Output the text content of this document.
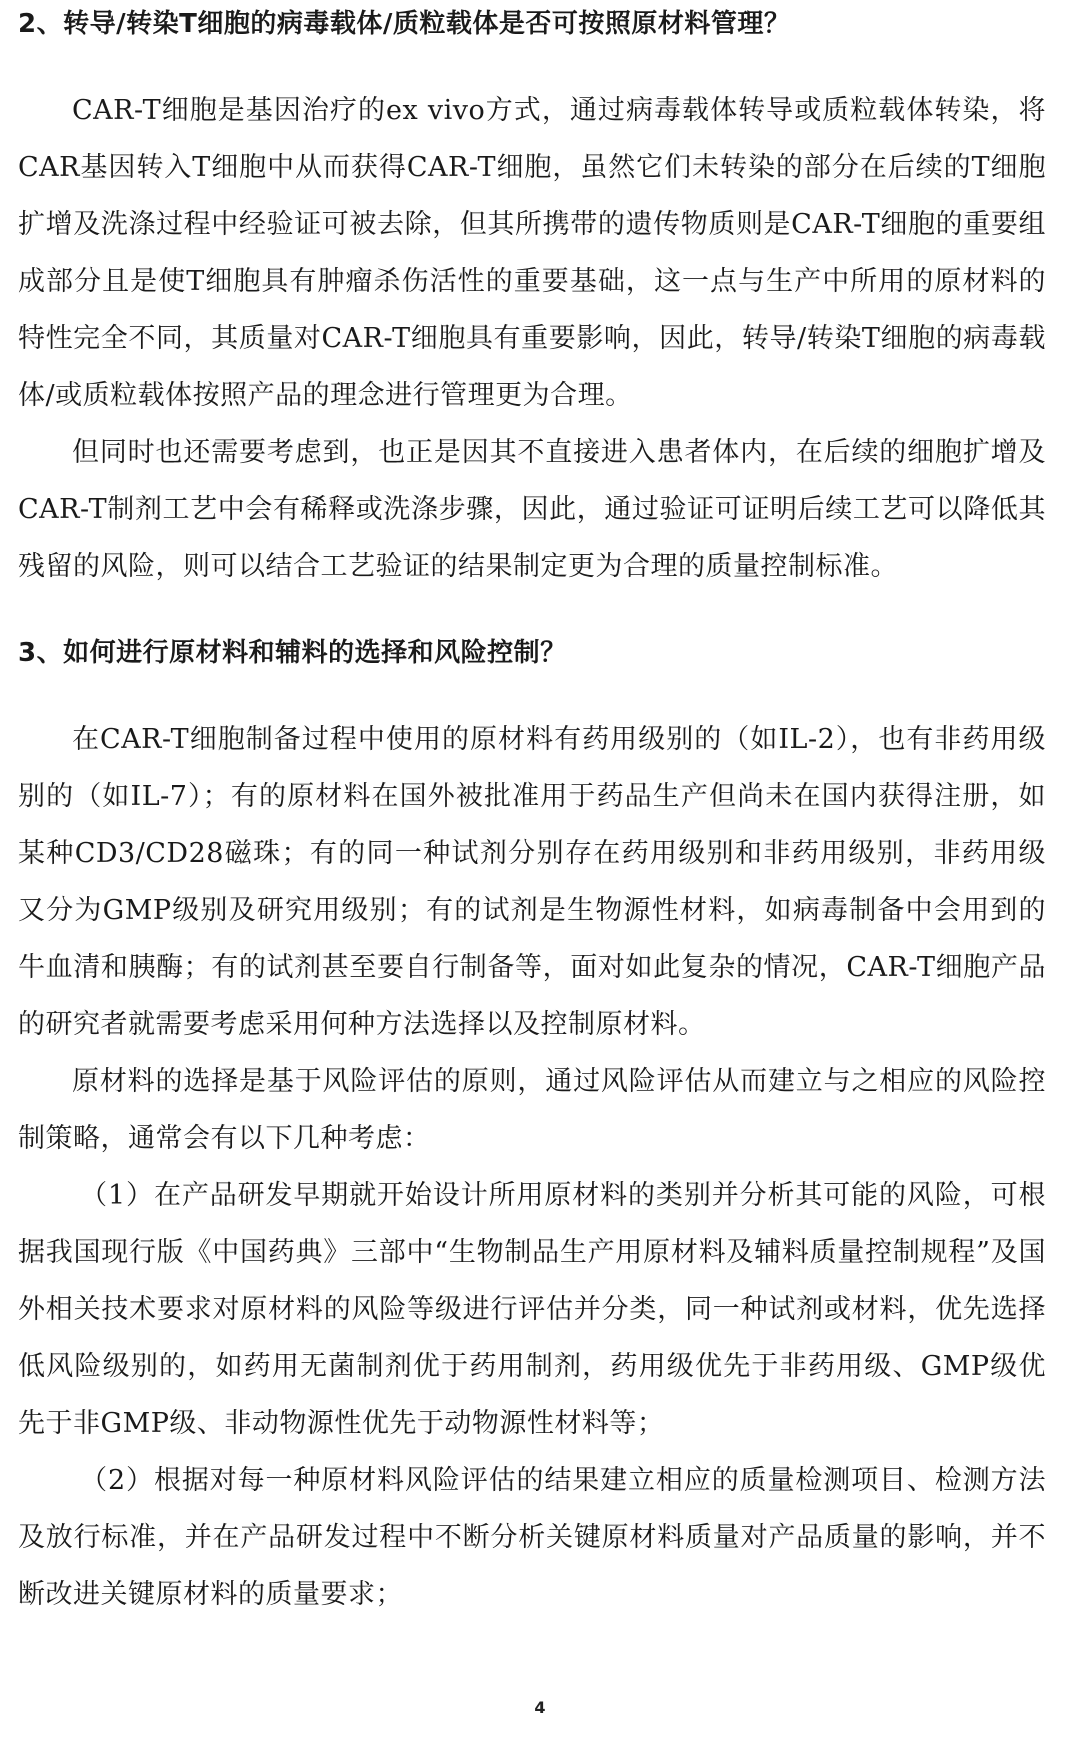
2、转导/转染T细胞的病毒载体/质粒载体是否可按照原材料管理？

CAR-T细胞是基因治疗的ex vivo方式，通过病毒载体转导或质粒载体转染，将CAR基因转入T细胞中从而获得CAR-T细胞，虽然它们未转染的部分在后续的T细胞扩增及洗涤过程中经验证可被去除，但其所携带的遗传物质则是CAR-T细胞的重要组成部分且是使T细胞具有肿瘤杀伤活性的重要基础，这一点与生产中所用的原材料的特性完全不同，其质量对CAR-T细胞具有重要影响，因此，转导/转染T细胞的病毒载体/或质粒载体按照产品的理念进行管理更为合理。

但同时也还需要考虑到，也正是因其不直接进入患者体内，在后续的细胞扩增及CAR-T制剂工艺中会有稀释或洗涤步骤，因此，通过验证可证明后续工艺可以降低其残留的风险，则可以结合工艺验证的结果制定更为合理的质量控制标准。

3、如何进行原材料和辅料的选择和风险控制？

在CAR-T细胞制备过程中使用的原材料有药用级别的（如IL-2），也有非药用级别的（如IL-7）；有的原材料在国外被批准用于药品生产但尚未在国内获得注册，如某种CD3/CD28磁珠；有的同一种试剂分别存在药用级别和非药用级别，非药用级又分为GMP级别及研究用级别；有的试剂是生物源性材料，如病毒制备中会用到的牛血清和胰酶；有的试剂甚至要自行制备等，面对如此复杂的情况，CAR-T细胞产品的研究者就需要考虑采用何种方法选择以及控制原材料。

原材料的选择是基于风险评估的原则，通过风险评估从而建立与之相应的风险控制策略，通常会有以下几种考虑：

（1）在产品研发早期就开始设计所用原材料的类别并分析其可能的风险，可根据我国现行版《中国药典》三部中“生物制品生产用原材料及辅料质量控制规程”及国外相关技术要求对原材料的风险等级进行评估并分类，同一种试剂或材料，优先选择低风险级别的，如药用无菌制剂优于药用制剂，药用级优先于非药用级、GMP级优先于非GMP级、非动物源性优先于动物源性材料等；

（2）根据对每一种原材料风险评估的结果建立相应的质量检测项目、检测方法及放行标准，并在产品研发过程中不断分析关键原材料质量对产品质量的影响，并不断改进关键原材料的质量要求；

4
